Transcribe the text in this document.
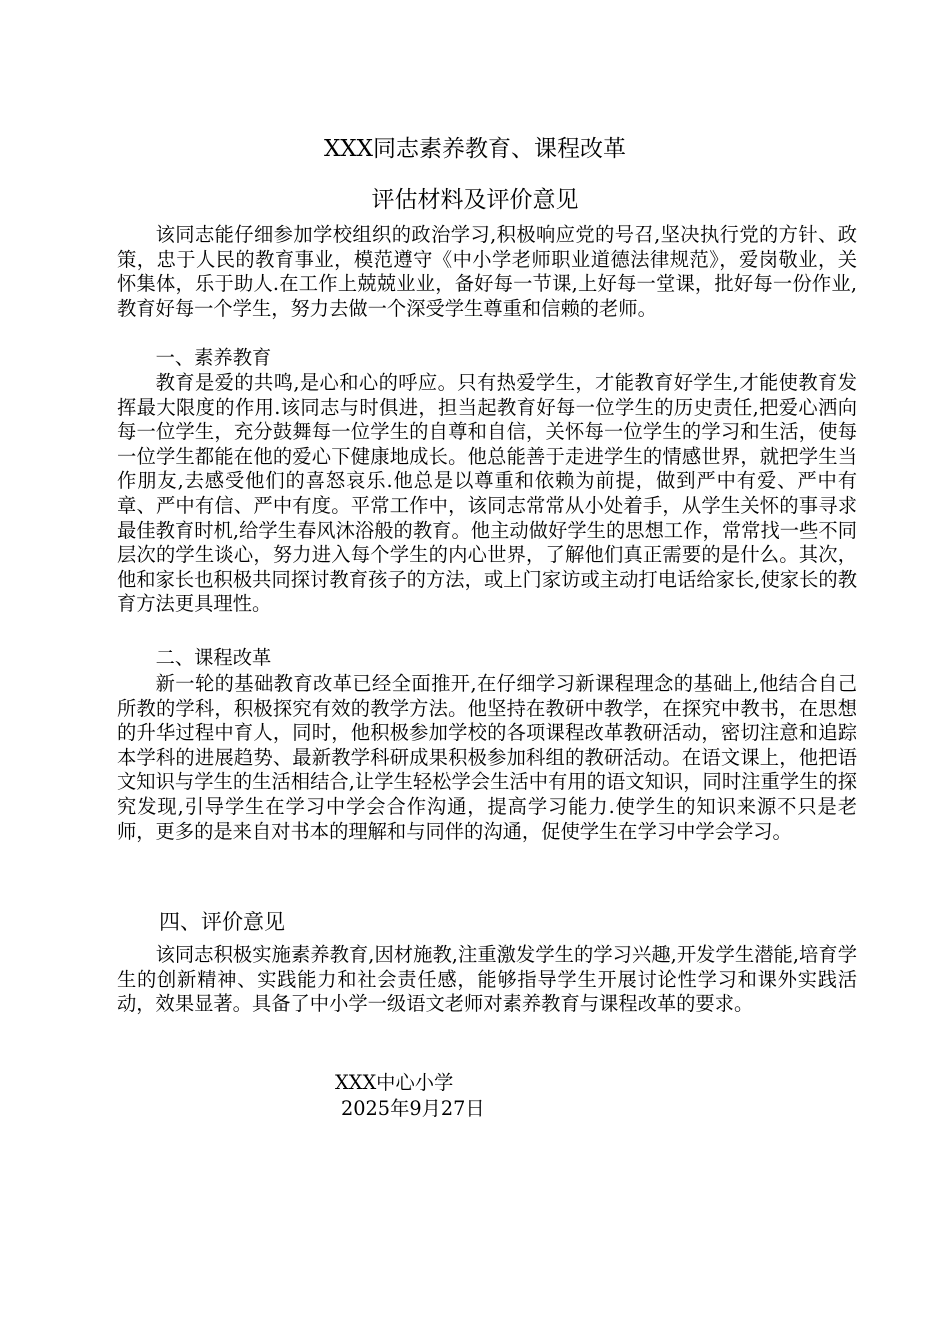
XXX同志素养教育、课程改革
评估材料及评价意见

该同志能仔细参加学校组织的政治学习,积极响应党的号召,坚决执行党的方针、政策，忠于人民的教育事业，模范遵守《中小学老师职业道德法律规范》，爱岗敬业，关怀集体，乐于助人.在工作上兢兢业业，备好每一节课,上好每一堂课，批好每一份作业,教育好每一个学生，努力去做一个深受学生尊重和信赖的老师。

一、素养教育

教育是爱的共鸣,是心和心的呼应。只有热爱学生，才能教育好学生,才能使教育发挥最大限度的作用.该同志与时俱进，担当起教育好每一位学生的历史责任,把爱心洒向每一位学生，充分鼓舞每一位学生的自尊和自信，关怀每一位学生的学习和生活，使每一位学生都能在他的爱心下健康地成长。他总能善于走进学生的情感世界，就把学生当作朋友,去感受他们的喜怒哀乐.他总是以尊重和依赖为前提，做到严中有爱、严中有章、严中有信、严中有度。平常工作中，该同志常常从小处着手，从学生关怀的事寻求最佳教育时机,给学生春风沐浴般的教育。他主动做好学生的思想工作，常常找一些不同层次的学生谈心，努力进入每个学生的内心世界，了解他们真正需要的是什么。其次，他和家长也积极共同探讨教育孩子的方法，或上门家访或主动打电话给家长,使家长的教育方法更具理性。

二、课程改革

新一轮的基础教育改革已经全面推开,在仔细学习新课程理念的基础上,他结合自己所教的学科，积极探究有效的教学方法。他坚持在教研中教学，在探究中教书，在思想的升华过程中育人，同时，他积极参加学校的各项课程改革教研活动，密切注意和追踪本学科的进展趋势、最新教学科研成果积极参加科组的教研活动。在语文课上，他把语文知识与学生的生活相结合,让学生轻松学会生活中有用的语文知识，同时注重学生的探究发现,引导学生在学习中学会合作沟通，提高学习能力.使学生的知识来源不只是老师，更多的是来自对书本的理解和与同伴的沟通，促使学生在学习中学会学习。

四、评价意见

该同志积极实施素养教育,因材施教,注重激发学生的学习兴趣,开发学生潜能,培育学生的创新精神、实践能力和社会责任感，能够指导学生开展讨论性学习和课外实践活动，效果显著。具备了中小学一级语文老师对素养教育与课程改革的要求。

XXX中心小学
2025年9月27日
